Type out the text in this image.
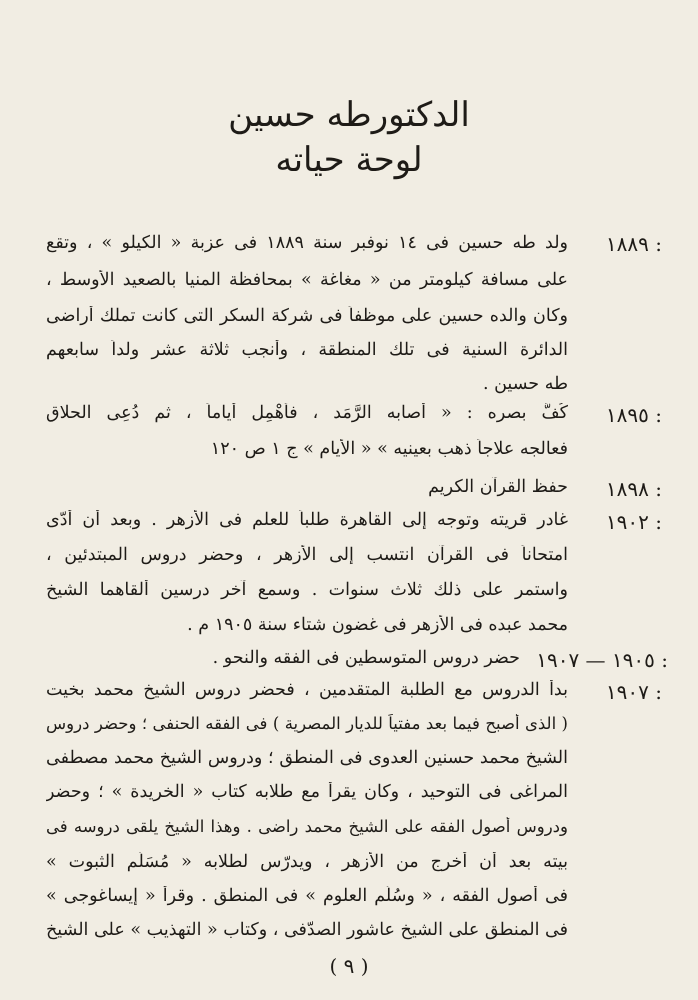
الدكتورطه حسين
لوحة حياته
١٨٨٩ :
ولد طه حسين فى ١٤ نوفبر سنة ١٨٨٩ فى عزبة « الكيلو » ، وتقع
على مسافة كيلومتر من « مغاغة » بمحافظة المنيا بالصعيد الأوسط ،
وكان والده حسين على موظفاً فى شركة السكر التى كانت تملك أراضى
الدائرة السنية فى تلك المنطقة ، وأنجب ثلاثة عشر ولداً سابعهم
طه حسين .
١٨٩٥ :
كُفَّ بصره : « أصابه الرَّمَد ، فأُهْمِل أياماً ، ثم دُعِى الحلاق
فعالجه علاجاً ذهب بعينيه » « الأيام » ج ١ ص ١٢٠
١٨٩٨ :
حفظ القرآن الكريم
١٩٠٢ :
غادر قريته وتوجه إلى القاهرة طلباً للعلم فى الأزهر . وبعد أن أدّى
امتحاناً فى القرآن انتسب إلى الأزهر ، وحضر دروس المبتدئين ،
واستمر على ذلك ثلاث سنوات . وسمع آخر درسين ألقاهما الشيخ
محمد عبده فى الأزهر فى غضون شتاء سنة ١٩٠٥ م .
١٩٠٥ — ١٩٠٧ :
حضر دروس المتوسطين فى الفقه والنحو .
١٩٠٧ :
بدأ الدروس مع الطلبة المتقدمين ، فحضر دروس الشيخ محمد بخيت
( الذى أصبح فيما بعد مفتياً للديار المصرية ) فى الفقه الحنفى ؛ وحضر دروس
الشيخ محمد حسنين العدوى فى المنطق ؛ ودروس الشيخ محمد مصطفى
المراغى فى التوحيد ، وكان يقرأ مع طلابه كتاب « الخريدة » ؛ وحضر
ودروس أصول الفقه على الشيخ محمد راضى . وهذا الشيخ يلقى دروسه فى
بيته بعد أن أخرج من الأزهر ، ويدرّس لطلابه « مُسَلَّم الثبوت »
فى أصول الفقه ، « وسُلّم العلوم » فى المنطق . وقرأ « إيساغوجى »
فى المنطق على الشيخ عاشور الصدّفى ، وكتاب « التهذيب » على الشيخ
( ٩ )
